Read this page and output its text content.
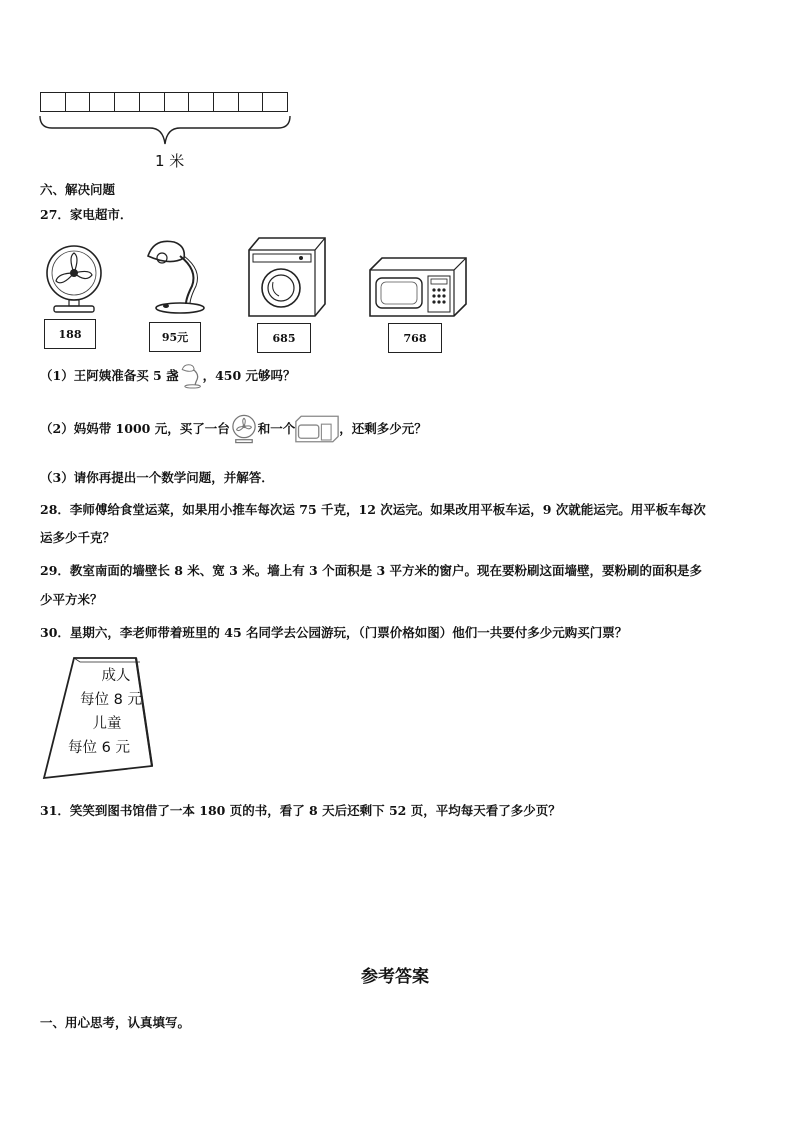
1 米
六、解决问题
27．家电超市．
188	95元	685	768
（1）王阿姨准备买 5 盏 ，450 元够吗？
（2）妈妈带 1000 元，买了一台 和一个	，还剩多少元？
（3）请你再提出一个数学问题，并解答．
28．李师傅给食堂运菜，如果用小推车每次运 75 千克，12 次运完。如果改用平板车运，9 次就能运完。用平板车每次
运多少千克？
29．教室南面的墙壁长 8 米、宽 3 米。墙上有 3 个面积是 3 平方米的窗户。现在要粉刷这面墙壁，要粉刷的面积是多
少平方米？
30．星期六，李老师带着班里的 45 名同学去公园游玩，（门票价格如图）他们一共要付多少元购买门票？
成人
每位 8 元
儿童
每位 6 元
31．笑笑到图书馆借了一本 180 页的书，看了 8 天后还剩下 52 页，平均每天看了多少页？
参考答案
一、用心思考，认真填写。
